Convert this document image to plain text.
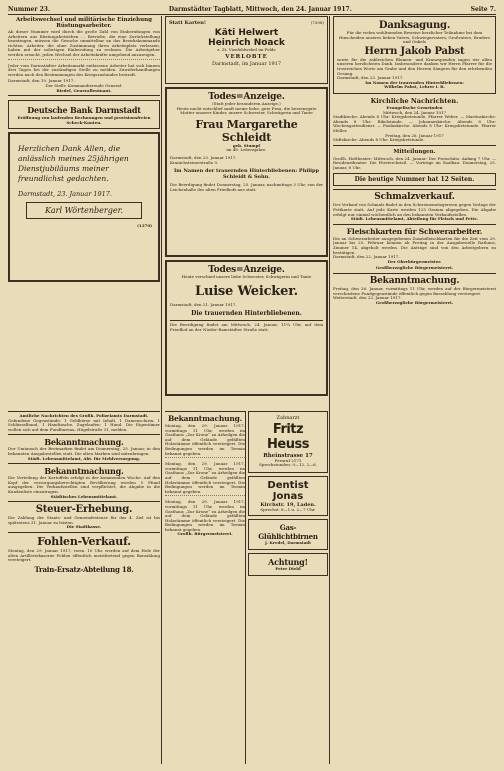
Nummer 23.	Darmstädter Tagblatt, Mittwoch, den 24. Januar 1917.	Seite 7.

Arbeitswechsel und militärische Einziehung Rüstungsarbeiter.

Ab dieser Nummer wird durch die große Zahl von Einberufungen von Arbeitern aus Rüstungsbetrieben … Betriebe, die eine Zurückstellung beantragen, müssen die Gesuche unmittelbar an das Bezirkskommando richten. Arbeiter, die ohne Zustimmung ihren Arbeitsplatz verlassen, haben mit der sofortigen Einberufung zu rechnen. Die Arbeitgeber werden ersucht, jeden Wechsel der Arbeitskräfte umgehend anzuzeigen.

Jeder vom Darmstädter Arbeitsmarkt entlassene Arbeiter hat sich binnen drei Tagen bei der zuständigen Stelle zu melden. Zuwiderhandlungen werden nach den Bestimmungen des Kriegszustandes bestraft.

Darmstadt, den 19. Januar 1917.

Der Stellv. Kommandierende General:

Riedel, Generalleutnant.

Deutsche Bank Darmstadt

Eröffnung von laufenden Rechnungen und provisionsfreien Scheck-Konten.

Herzlichen Dank Allen, die anlässlich meines 25jährigen Dienstjubiläums meiner freundlichst gedachten.

Darmstadt, 23. Januar 1917.

Karl Wörtenberger.

(1370)

Statt Karten!	(7308)

Käti Helwert

Heinrich Noack

z. Zt. Vizefeldwebel im Felde

VERLOBTE

Darmstadt, im Januar 1917

Todes=Anzeige.

(Statt jeder besonderen Anzeige.)

Heute nacht entschlief sanft meine liebe, gute Frau, die herzensgute Mutter unserer Kinder, unsere Schwester, Schwägerin und Tante

Frau Margarethe Schleidt

geb. Stumpf

im 48. Lebensjahre.

Darmstadt, den 23. Januar 1917.

Kranichsteinerstraße 9.

Im Namen der trauernden Hinterbliebenen: Philipp Schleidt & Sohn.

Die Beerdigung findet Donnerstag, 25. Januar, nachmittags 3 Uhr, von der Leichenhalle des alten Friedhofs aus statt.

Todes=Anzeige.

Heute verschied unsere liebe Schwester, Schwägerin und Tante

Luise Weicker.

Darmstadt, den 21. Januar 1917.

Die trauernden Hinterbliebenen.

Die Beerdigung findet am Mittwoch, 24. Januar, 11¼ Uhr, auf dem Friedhof an der Nieder-Ramstädter Straße statt.

Danksagung.

Für die vielen wohltuenden Beweise herzlicher Teilnahme bei dem Hinscheiden unseres lieben Vaters, Schwiegervaters, Großvaters, Bruders und Onkels

Herrn Jakob Pabst

sowie für die zahlreichen Blumen- und Kranzspenden sagen wir allen unseren herzlichsten Dank. Insbesondere danken wir Herrn Pfarrer für die trostreichen Worte am Grabe und den Herren Sängern für den erhebenden Gesang.

Darmstadt, den 23. Januar 1917.

Im Namen der trauernden Hinterbliebenen:

Wilhelm Pabst, Lehrer i. R.

Kirchliche Nachrichten.

Evangelische Gemeinden

Mittwoch, den 24. Januar 1917

Stadtkirche: Abends 8 Uhr: Kriegsbetstunde. Pfarrer Weber. — Martinskirche: Abends 8 Uhr: Bibelstunde. — Johanneskirche: Abends 8 Uhr: Wochengottesdienst. — Pauluskirche: Abends 8 Uhr: Kriegsbetstunde. Pfarrer Müller.

Freitag, den 26. Januar 1917

Stiftskirche: Abends 8 Uhr: Kriegsbetstunde.

Mitteilungen.

Großh. Hoftheater: Mittwoch, den 24. Januar: Der Freischütz. Anfang 7 Uhr. — Residenztheater: Die Försterchristl. — Vorträge im Saalbau: Donnerstag, 25. Januar, 8 Uhr.

Die heutige Nummer hat 12 Seiten.

Schmalzverkauf.

Der Verkauf von Schmalz findet in den Schweinemetzgereien gegen Vorlage der Fettkarte statt. Auf jede Karte werden 125 Gramm abgegeben. Die Abgabe erfolgt nur einmal wöchentlich an den bekannten Verkaufsstellen.

Städt. Lebensmittelamt, Abteilung für Fleisch und Fette.

Fleischkarten für Schwerarbeiter.

Die an Schwerarbeiter ausgegebenen Zusatzfleischkarten für die Zeit vom 29. Januar bis 25. Februar können ab Freitag in der Ausgabestelle Rathaus, Zimmer 14, abgeholt werden. Die Anträge sind von den Arbeitgebern zu bestätigen.

Darmstadt, den 22. Januar 1917.

Der Oberbürgermeister.

Großherzogliche Bürgermeisterei.

Bekanntmachung.

Freitag, den 26. Januar, vormittags 11 Uhr, werden auf der Bürgermeisterei verschiedene Fundgegenstände öffentlich gegen Barzahlung versteigert.

Weiterstadt, den 22. Januar 1917.

Großherzogliche Bürgermeisterei.

Amtliche Nachrichten des Großh. Polizeiamts Darmstadt.

Gefundene Gegenstände: 1 Geldbörse mit Inhalt, 1 Damenschirm, 1 Schlüsselbund, 1 Handtasche. Zugelaufen: 1 Hund. Die Eigentümer wollen sich auf dem Fundbureau, Hügelstraße 31, melden.

Bekanntmachung.

Der Umtausch der Brotmarken findet am Donnerstag, 25. Januar, in den bekannten Ausgabestellen statt. Die alten Marken sind mitzubringen.

Städt. Lebensmittelamt, Abt. für Mehlversorgung.

Bekanntmachung.

Die Verteilung der Kartoffeln erfolgt in der kommenden Woche. Auf den Kopf der versorgungsberechtigten Bevölkerung werden 5 Pfund ausgegeben. Die Verkaufsstellen sind verpflichtet, die Abgabe in die Kundenliste einzutragen.

Städtisches Lebensmittelamt.

Steuer-Erhebung.

Die Zahlung der Staats- und Gemeindesteuer für das 4. Ziel ist bis spätestens 31. Januar zu leisten.

Die Stadtkasse.

Fohlen-Verkauf.

Montag, den 29. Januar 1917, vorm. 10 Uhr, werden auf dem Hofe der alten Artilleriekaserne Fohlen öffentlich meistbietend gegen Barzahlung versteigert.

Train-Ersatz-Abteilung 18.

Bekanntmachung.

Montag, den 29. Januar 1917, vormittags 11 Uhr, werden im Gasthaus „Zur Krone“ zu Arheilgen die auf dem Gelände gefällten Holzstämme öffentlich versteigert. Die Bedingungen werden im Termin bekannt gegeben.

Montag, den 29. Januar 1917, vormittags 11 Uhr, werden im Gasthaus „Zur Krone“ zu Arheilgen die auf dem Gelände gefällten Holzstämme öffentlich versteigert. Die Bedingungen werden im Termin bekannt gegeben.

Montag, den 29. Januar 1917, vormittags 11 Uhr, werden im Gasthaus „Zur Krone“ zu Arheilgen die auf dem Gelände gefällten Holzstämme öffentlich versteigert. Die Bedingungen werden im Termin bekannt gegeben.

Großh. Bürgermeisterei.

Zahnarzt

Fritz Heuss

Rheinstrasse 17

Fernruf 2171

Sprechstunden: 9—12, 2—6.

Dentist Jonas

Kirchstr. 19, Laden.

Sprechst. 8—1 u. 2—7 Uhr.

Gas-Glühlichtbirnen

J. Kredel, Darmstadt

Achtung!

Peter Diehl
